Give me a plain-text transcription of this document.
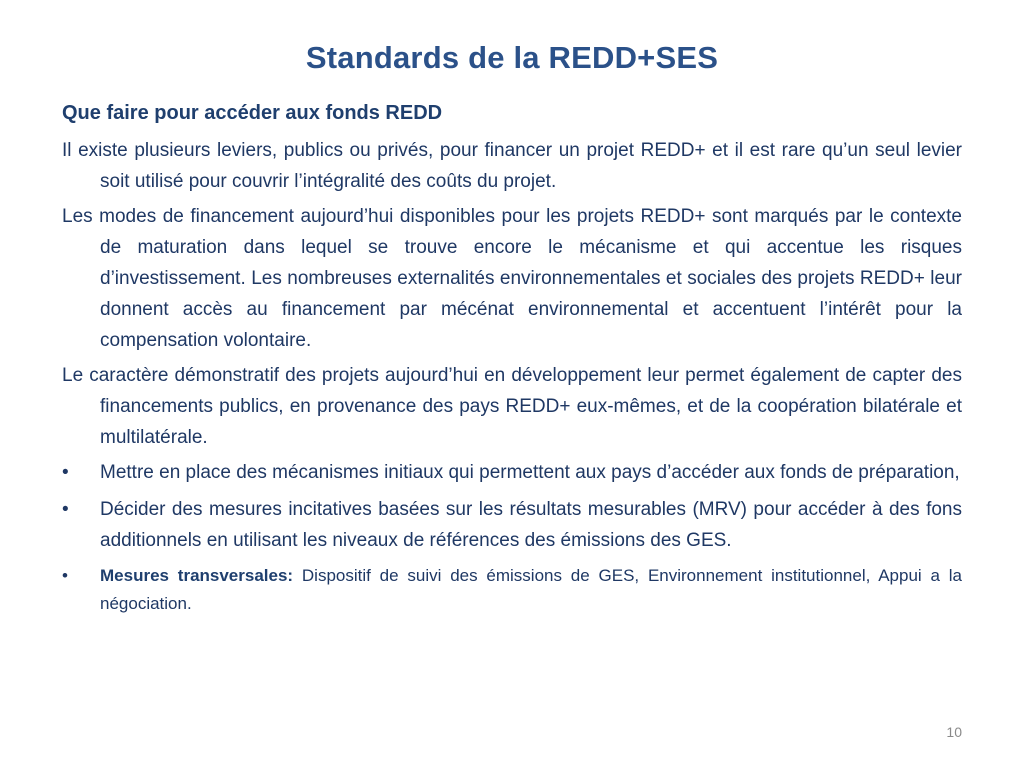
Standards de la REDD+SES
Que faire pour accéder aux fonds REDD

Il existe plusieurs leviers, publics ou privés, pour financer un projet REDD+ et il est rare qu’un seul levier soit utilisé pour couvrir l’intégralité des coûts du projet.

Les modes de financement aujourd’hui disponibles pour les projets REDD+ sont marqués par le contexte de maturation dans lequel se trouve encore le mécanisme et qui accentue les risques d’investissement. Les nombreuses externalités environnementales et sociales des projets REDD+ leur donnent accès au financement par mécénat environnemental et accentuent l’intérêt pour la compensation volontaire.

Le caractère démonstratif des projets aujourd’hui en développement leur permet également de capter des financements publics, en provenance des pays REDD+ eux-mêmes, et de la coopération bilatérale et multilatérale.

•	Mettre en place des mécanismes initiaux qui permettent aux pays d’accéder aux fonds de préparation,
•	Décider des mesures incitatives basées sur les résultats mesurables (MRV) pour accéder à des fons additionnels en utilisant les niveaux de références des émissions des GES.
•	Mesures transversales: Dispositif de suivi des émissions de GES, Environnement institutionnel, Appui a la négociation.
10
